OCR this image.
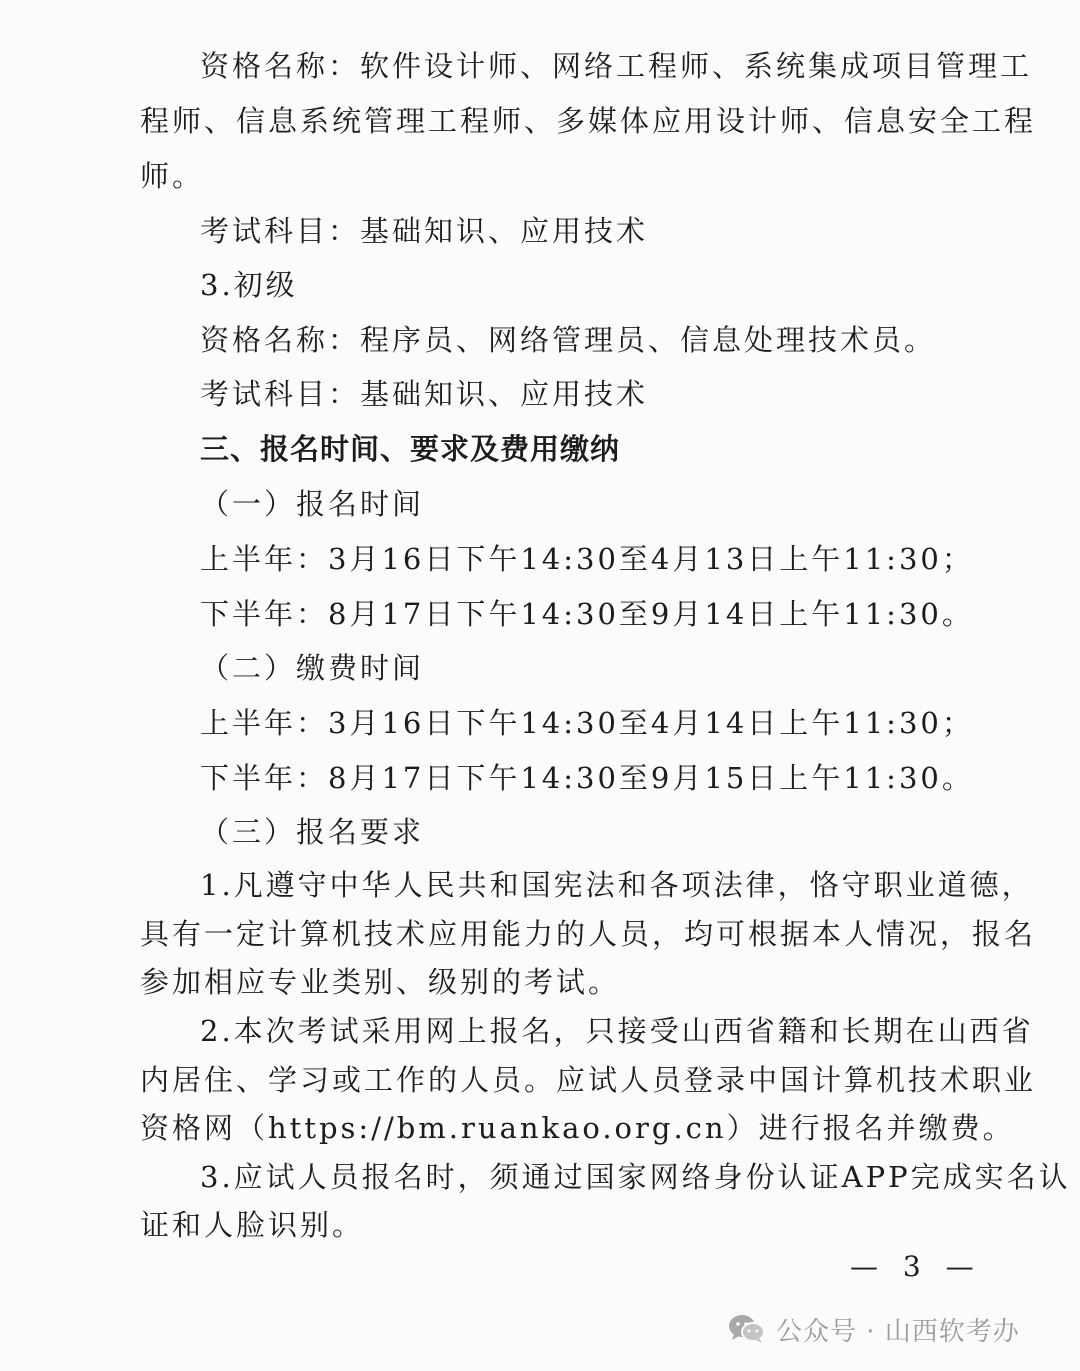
资格名称：软件设计师、网络工程师、系统集成项目管理工
程师、信息系统管理工程师、多媒体应用设计师、信息安全工程
师。
考试科目：基础知识、应用技术
3.初级
资格名称：程序员、网络管理员、信息处理技术员。
考试科目：基础知识、应用技术
三、报名时间、要求及费用缴纳
（一）报名时间
上半年：3月16日下午14:30至4月13日上午11:30；
下半年：8月17日下午14:30至9月14日上午11:30。
（二）缴费时间
上半年：3月16日下午14:30至4月14日上午11:30；
下半年：8月17日下午14:30至9月15日上午11:30。
（三）报名要求
1.凡遵守中华人民共和国宪法和各项法律，恪守职业道德，
具有一定计算机技术应用能力的人员，均可根据本人情况，报名
参加相应专业类别、级别的考试。
2.本次考试采用网上报名，只接受山西省籍和长期在山西省
内居住、学习或工作的人员。应试人员登录中国计算机技术职业
资格网（https://bm.ruankao.org.cn）进行报名并缴费。
3.应试人员报名时，须通过国家网络身份认证APP完成实名认
证和人脸识别。
— 3 —
公众号 · 山西软考办
